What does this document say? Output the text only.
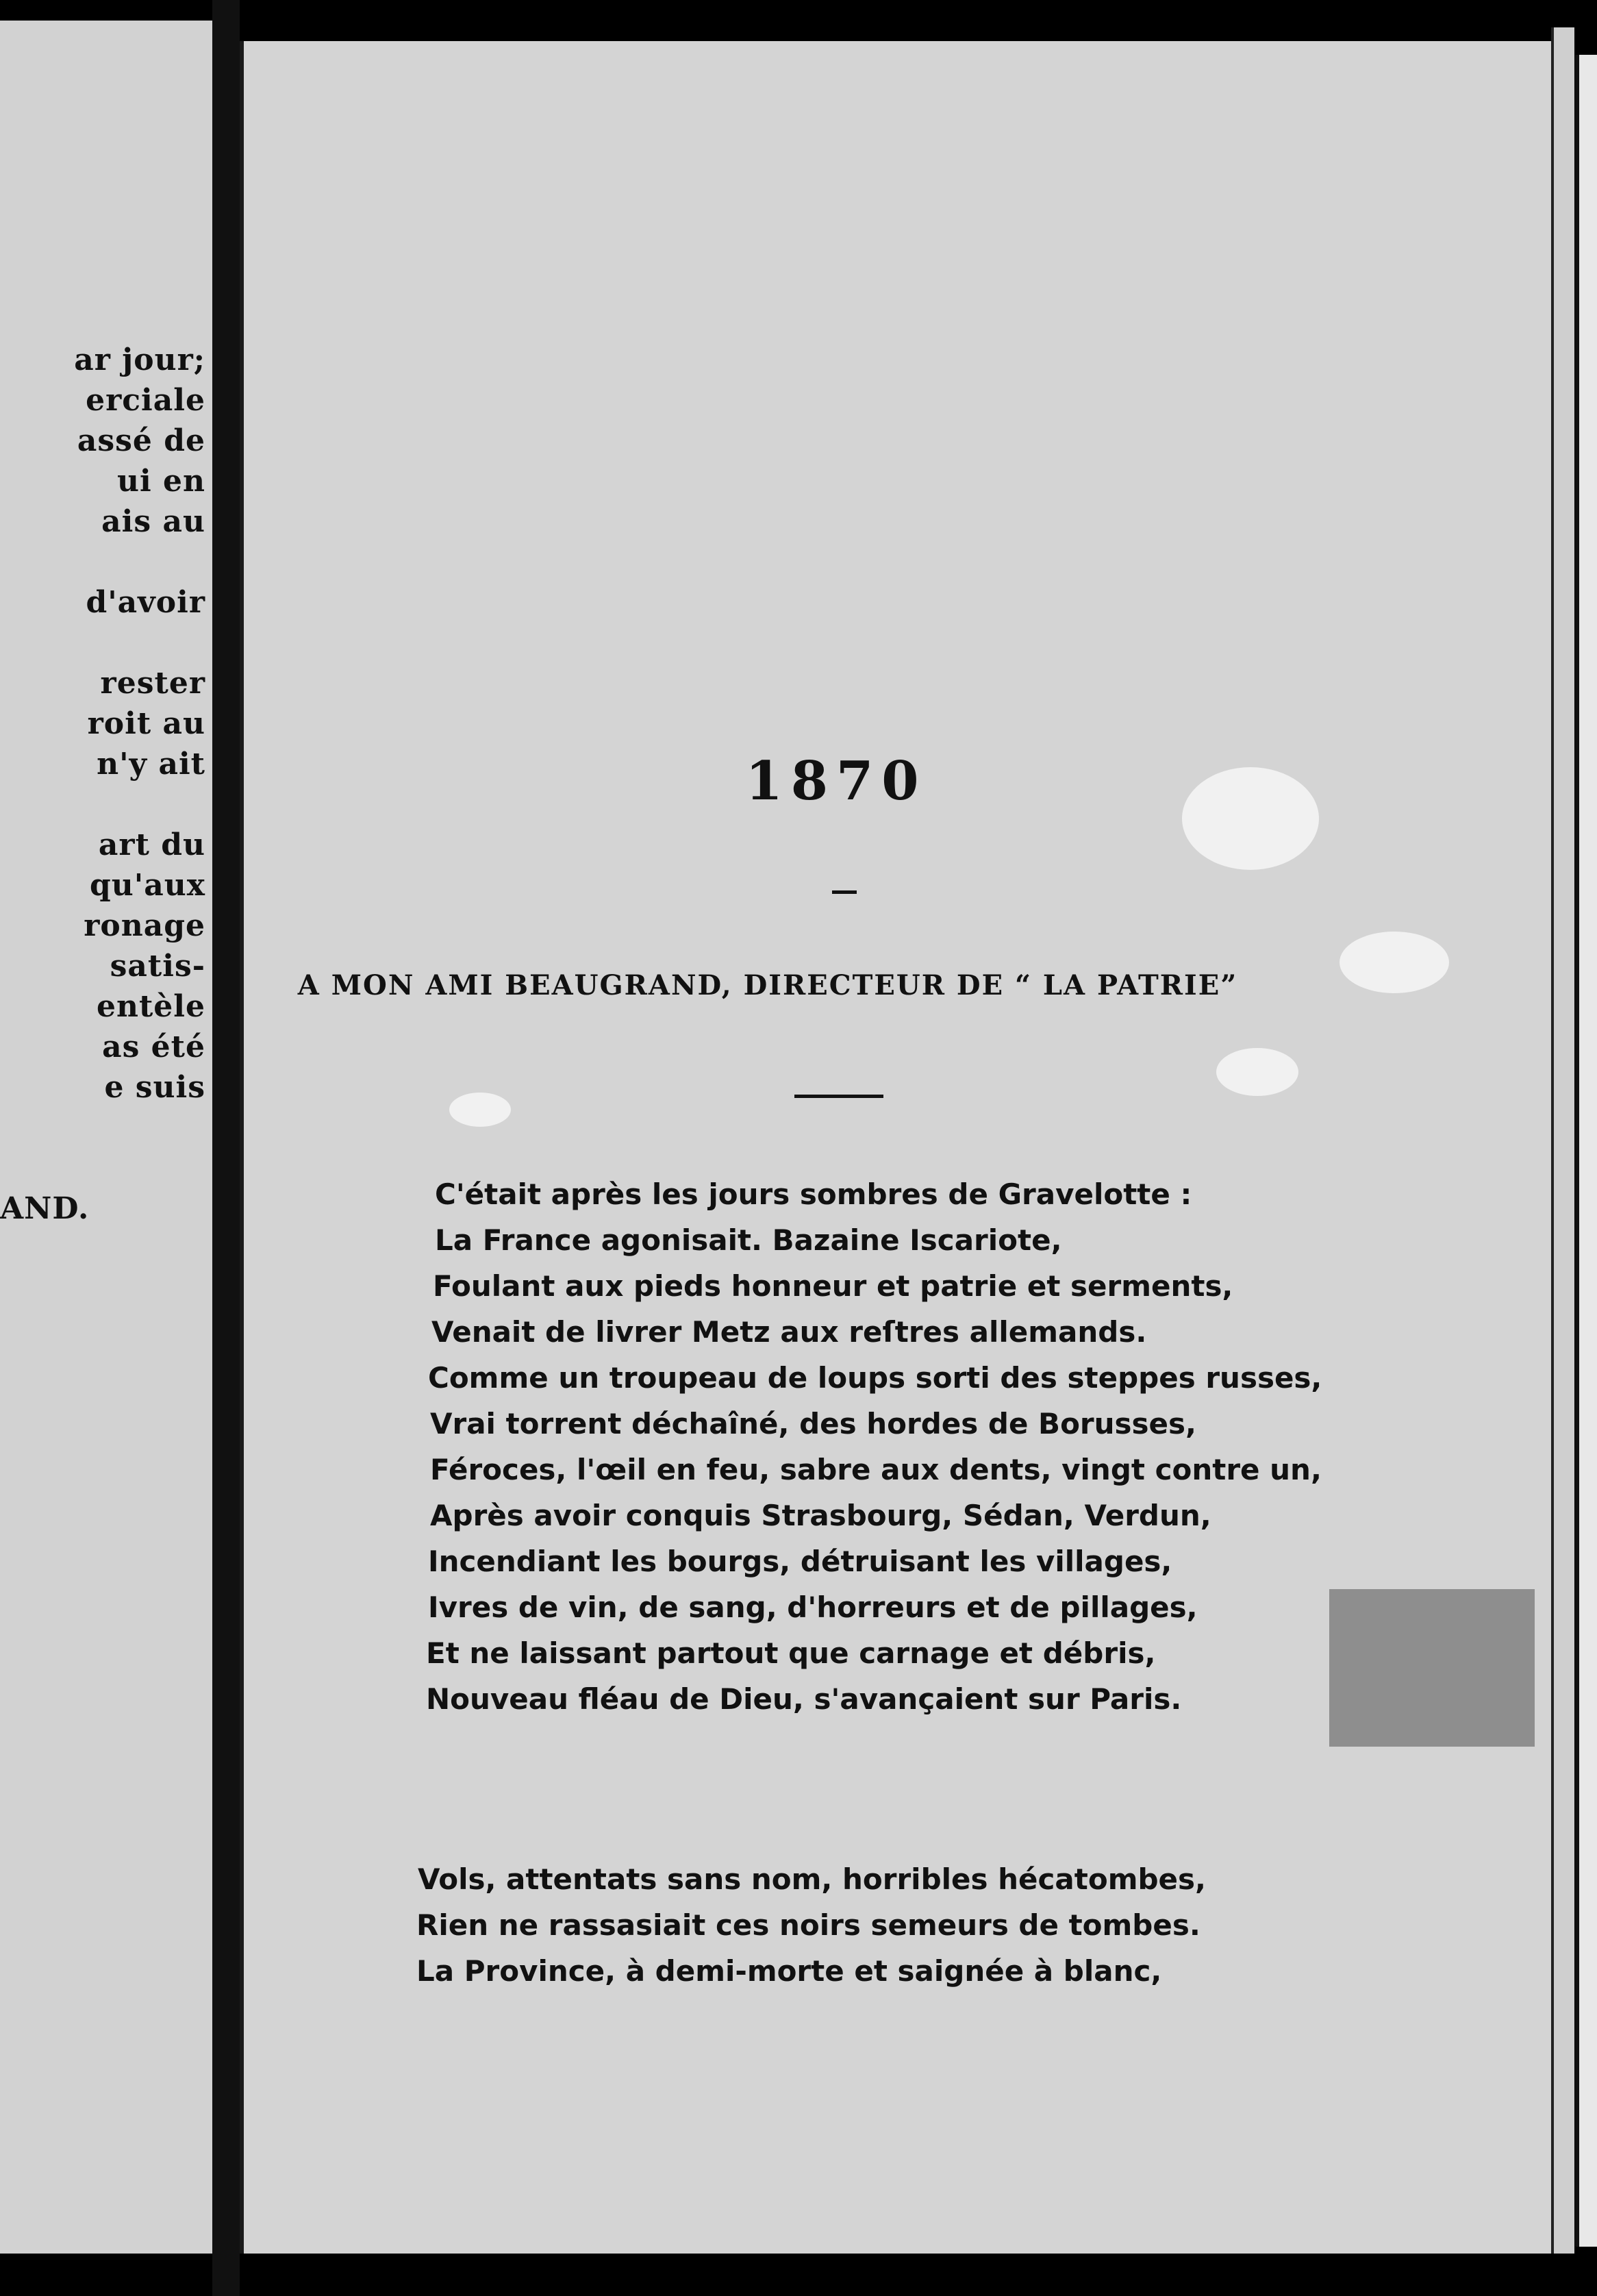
ar jour;
erciale
assé de
ui en
ais au
d'avoir
rester
roit au
n'y ait
art du
qu'aux
ronage
satis-
entèle
as été
e suis
AND.
1870
A MON AMI BEAUGRAND, DIRECTEUR DE “ LA PATRIE”
C'était après les jours sombres de Gravelotte :
La France agonisait. Bazaine Iscariote,
Foulant aux pieds honneur et patrie et serments,
Venait de livrer Metz aux reſtres allemands.
Comme un troupeau de loups sorti des steppes russes,
Vrai torrent déchaîné, des hordes de Borusses,
Féroces, l'œil en feu, sabre aux dents, vingt contre un,
Après avoir conquis Strasbourg, Sédan, Verdun,
Incendiant les bourgs, détruisant les villages,
Ivres de vin, de sang, d'horreurs et de pillages,
Et ne laissant partout que carnage et débris,
Nouveau fléau de Dieu, s'avançaient sur Paris.
Vols, attentats sans nom, horribles hécatombes,
Rien ne rassasiait ces noirs semeurs de tombes.
La Province, à demi-morte et saignée à blanc,
